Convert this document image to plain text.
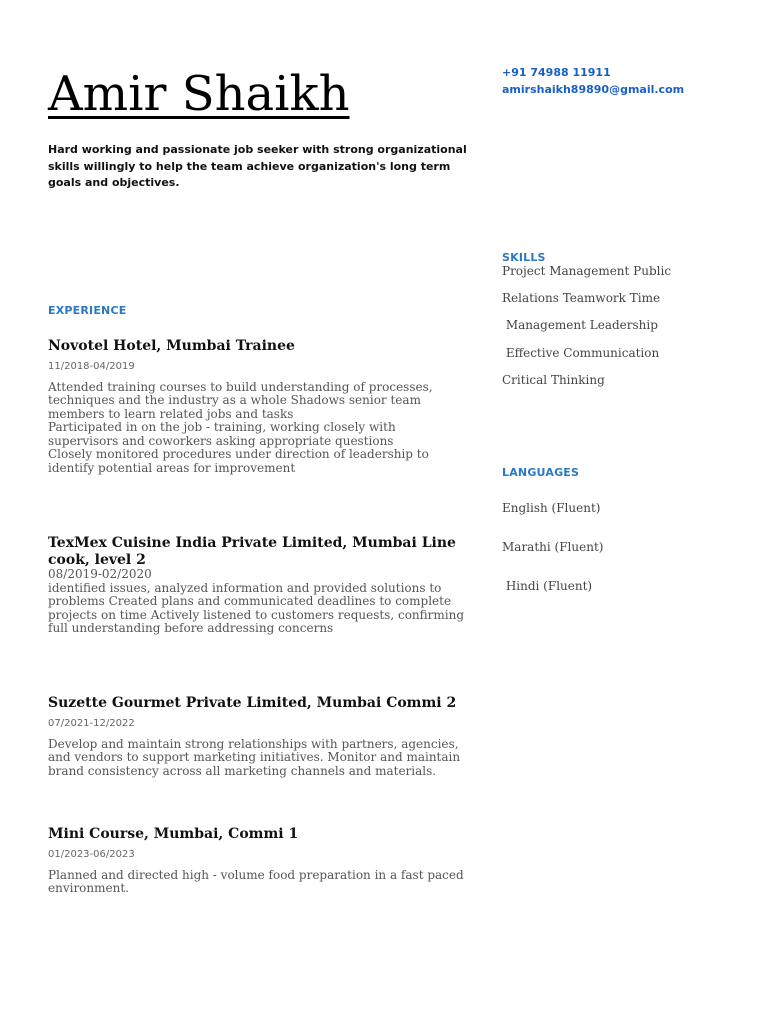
Amir Shaikh

Hard working and passionate job seeker with strong organizational skills willingly to help the team achieve organization's long term goals and objectives.

+91 74988 11911
amirshaikh89890@gmail.com
EXPERIENCE
Novotel Hotel, Mumbai Trainee
11/2018-04/2019
Attended training courses to build understanding of processes, techniques and the industry as a whole Shadows senior team members to learn related jobs and tasks
Participated in on the job - training, working closely with supervisors and coworkers asking appropriate questions
Closely monitored procedures under direction of leadership to identify potential areas for improvement
TexMex Cuisine India Private Limited, Mumbai Line cook, level 2
08/2019-02/2020
identified issues, analyzed information and provided solutions to problems Created plans and communicated deadlines to complete projects on time Actively listened to customers requests, confirming full understanding before addressing concerns
Suzette Gourmet Private Limited, Mumbai Commi 2
07/2021-12/2022
Develop and maintain strong relationships with partners, agencies, and vendors to support marketing initiatives. Monitor and maintain brand consistency across all marketing channels and materials.
Mini Course, Mumbai, Commi 1
01/2023-06/2023
Planned and directed high - volume food preparation in a fast paced environment.
SKILLS
Project Management Public
Relations Teamwork Time
Management Leadership
Effective Communication
Critical Thinking
LANGUAGES
English (Fluent)
Marathi (Fluent)
Hindi (Fluent)
